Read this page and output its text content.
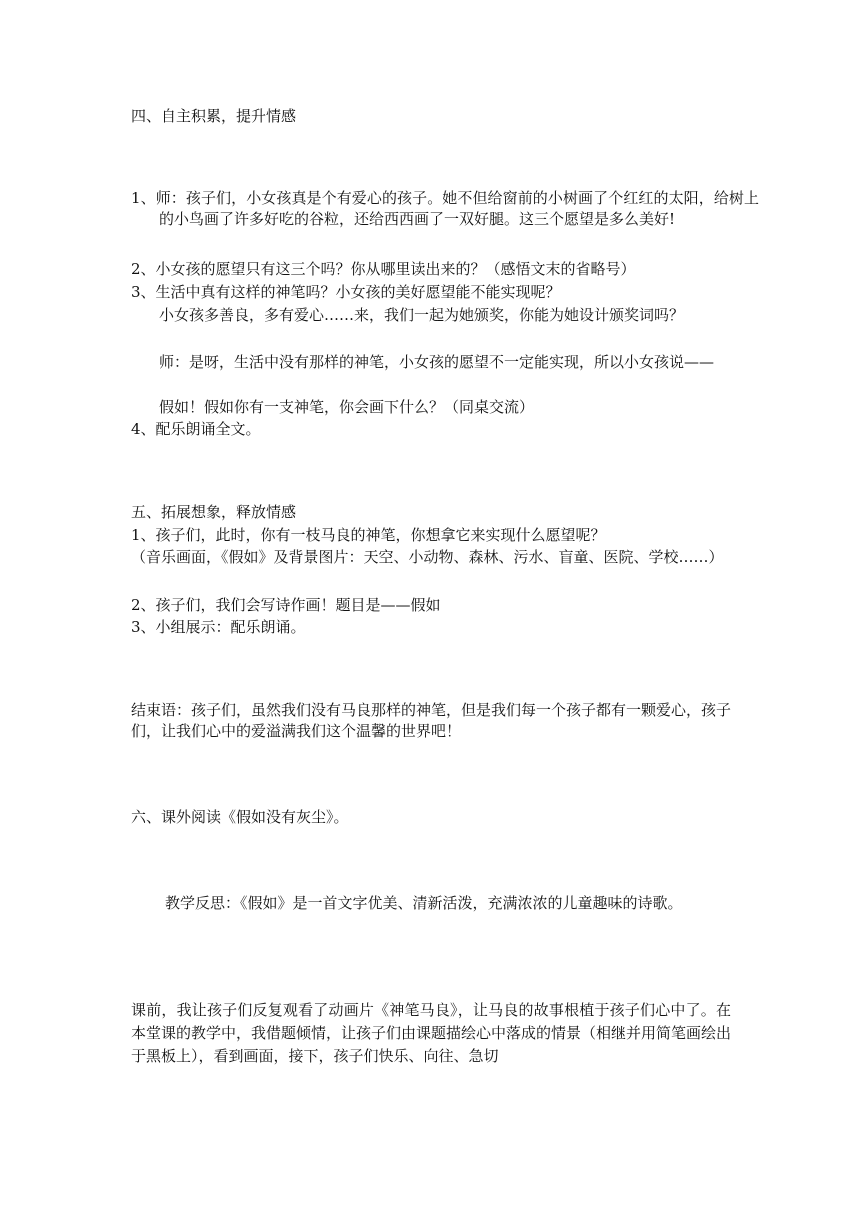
四、自主积累，提升情感
1、师：孩子们，小女孩真是个有爱心的孩子。她不但给窗前的小树画了个红红的太阳，给树上的小鸟画了许多好吃的谷粒，还给西西画了一双好腿。这三个愿望是多么美好!
2、小女孩的愿望只有这三个吗？你从哪里读出来的？（感悟文末的省略号）
3、生活中真有这样的神笔吗？小女孩的美好愿望能不能实现呢？
小女孩多善良，多有爱心……来，我们一起为她颁奖，你能为她设计颁奖词吗？
师：是呀，生活中没有那样的神笔，小女孩的愿望不一定能实现，所以小女孩说——
假如！假如你有一支神笔，你会画下什么？（同桌交流）
4、配乐朗诵全文。
五、拓展想象，释放情感
1、孩子们，此时，你有一枝马良的神笔，你想拿它来实现什么愿望呢？
（音乐画面，《假如》及背景图片：天空、小动物、森林、污水、盲童、医院、学校……）
2、孩子们，我们会写诗作画！题目是——假如
3、小组展示：配乐朗诵。
结束语：孩子们，虽然我们没有马良那样的神笔，但是我们每一个孩子都有一颗爱心，孩子们，让我们心中的爱溢满我们这个温馨的世界吧！
六、课外阅读《假如没有灰尘》。
教学反思：《假如》是一首文字优美、清新活泼，充满浓浓的儿童趣味的诗歌。
课前，我让孩子们反复观看了动画片《神笔马良》，让马良的故事根植于孩子们心中了。在本堂课的教学中，我借题倾情，让孩子们由课题描绘心中落成的情景（相继并用简笔画绘出于黑板上），看到画面，接下，孩子们快乐、向往、急切
